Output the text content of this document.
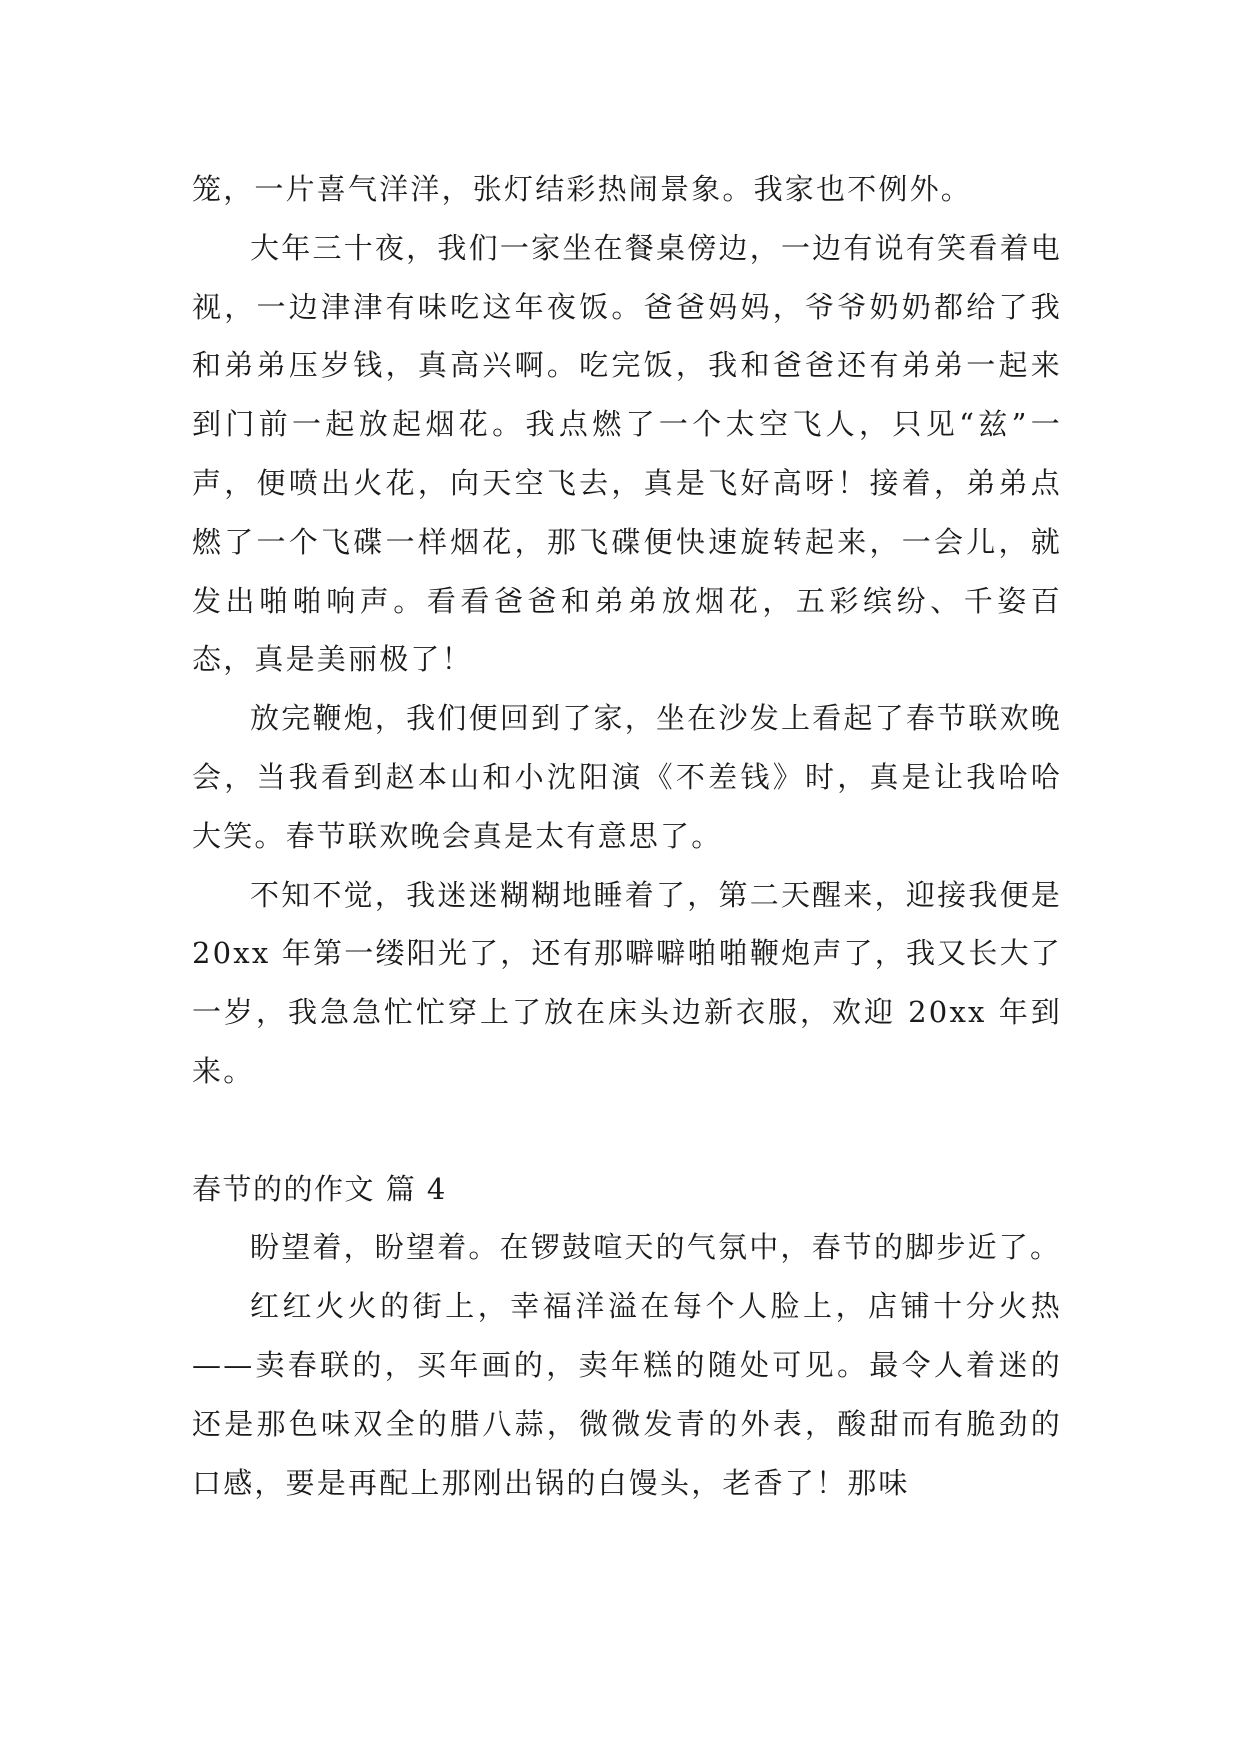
笼，一片喜气洋洋，张灯结彩热闹景象。我家也不例外。

大年三十夜，我们一家坐在餐桌傍边，一边有说有笑看着电视，一边津津有味吃这年夜饭。爸爸妈妈，爷爷奶奶都给了我和弟弟压岁钱，真高兴啊。吃完饭，我和爸爸还有弟弟一起来到门前一起放起烟花。我点燃了一个太空飞人，只见“兹”一声，便喷出火花，向天空飞去，真是飞好高呀！接着，弟弟点燃了一个飞碟一样烟花，那飞碟便快速旋转起来，一会儿，就发出啪啪响声。看看爸爸和弟弟放烟花，五彩缤纷、千姿百态，真是美丽极了！

放完鞭炮，我们便回到了家，坐在沙发上看起了春节联欢晚会，当我看到赵本山和小沈阳演《不差钱》时，真是让我哈哈大笑。春节联欢晚会真是太有意思了。

不知不觉，我迷迷糊糊地睡着了，第二天醒来，迎接我便是 20xx 年第一缕阳光了，还有那噼噼啪啪鞭炮声了，我又长大了一岁，我急急忙忙穿上了放在床头边新衣服，欢迎 20xx 年到来。

春节的的作文 篇 4

盼望着，盼望着。在锣鼓喧天的气氛中，春节的脚步近了。

红红火火的街上，幸福洋溢在每个人脸上，店铺十分火热——卖春联的，买年画的，卖年糕的随处可见。最令人着迷的还是那色味双全的腊八蒜，微微发青的外表，酸甜而有脆劲的口感，要是再配上那刚出锅的白馒头，老香了！那味
